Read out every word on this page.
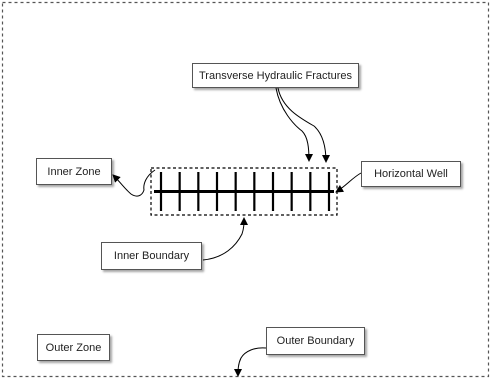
Transverse Hydraulic Fractures
Horizontal Well
Inner Zone
Inner Boundary
Outer Zone
Outer Boundary
